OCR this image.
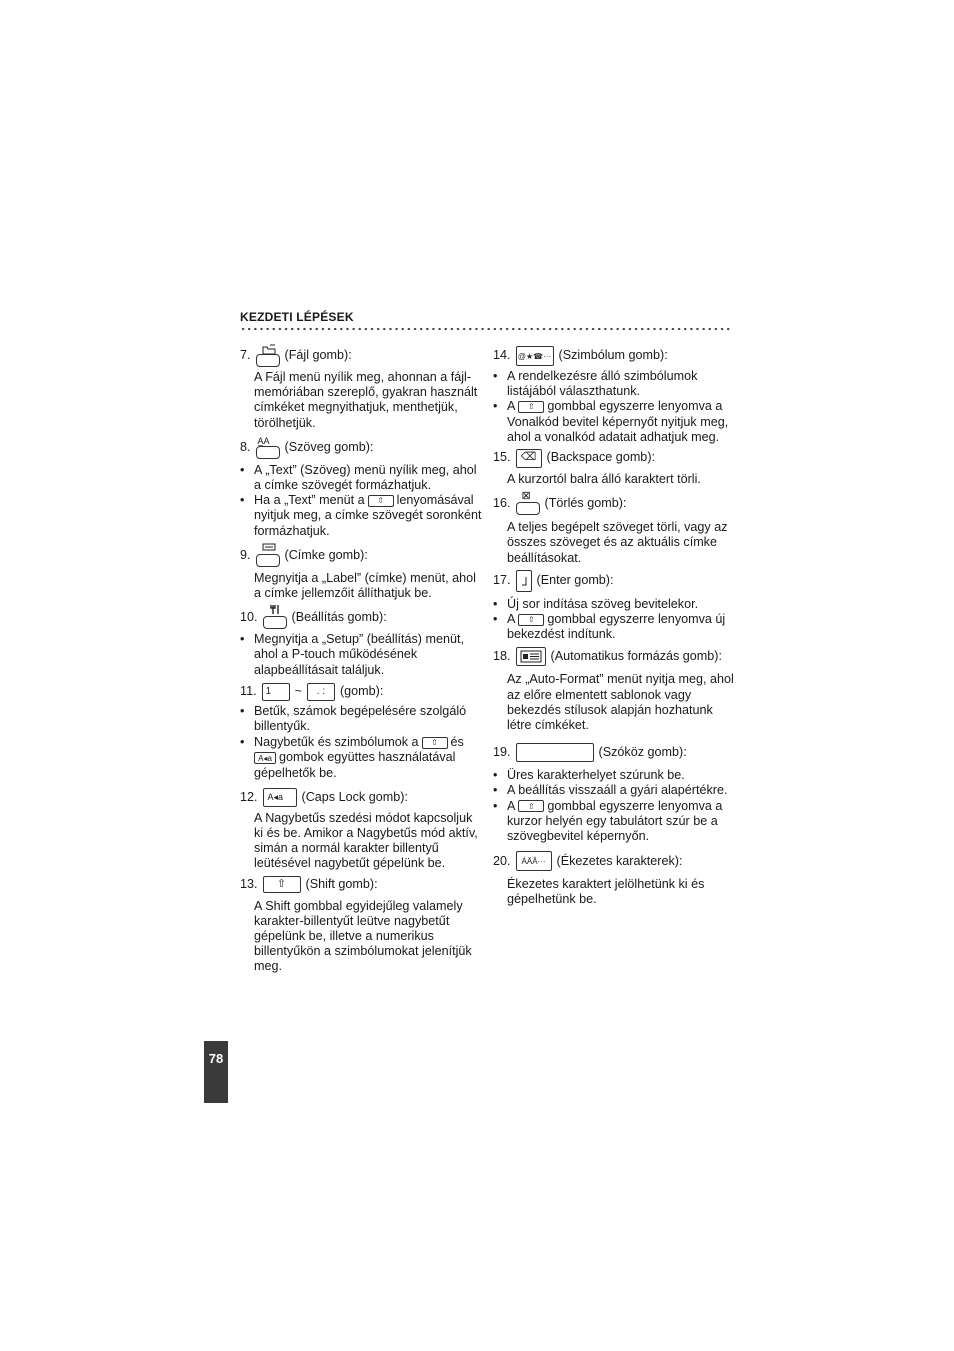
KEZDETI LÉPÉSEK
7.	(Fájl gomb):

A Fájl menü nyílik meg, ahonnan a fájl-memóriában szereplő, gyakran használt címkéket megnyithatjuk, menthetjük, törölhetjük.

8. A̲A (Szöveg gomb):

• A „Text” (Szöveg) menü nyílik meg, ahol a címke szövegét formázhatjuk.

• Ha a „Text” menüt a ⇧ lenyomásával nyitjuk meg, a címke szövegét soronként formázhatjuk.

9.	(Címke gomb):

Megnyitja a „Label” (címke) menüt, ahol a címke jellemzőit állíthatjuk be.

10.	(Beállítás gomb):

• Megnyitja a „Setup” (beállítás) menüt, ahol a P-touch működésének alapbeállításait találjuk.

11. 1	~	. :	(gomb):

• Betűk, számok begépelésére szolgáló billentyűk.

• Nagybetűk és szimbólumok a ⇧ és
A◂a gombok együttes használatával gépelhetők be.

12.	A◂a	(Caps Lock gomb):

A Nagybetűs szedési módot kapcsoljuk ki és be. Amikor a Nagybetűs mód aktív, simán a normál karakter billentyű leütésével nagybetűt gépelünk be.

13.	⇧	(Shift gomb):

A Shift gombbal egyidejűleg valamely karakter-billentyűt leütve nagybetűt gépelünk be, illetve a numerikus billentyűkön a szimbólumokat jelenítjük meg.

14. @★☎··· (Szimbólum gomb):

• A rendelkezésre álló szimbólumok listájából választhatunk.

• A ⇧ gombbal egyszerre lenyomva a Vonalkód bevitel képernyőt nyitjuk meg, ahol a vonalkód adatait adhatjuk meg.

15. ⌫ (Backspace gomb):

A kurzortól balra álló karaktert törli.

16. ⊠ (Törlés gomb):

A teljes begépelt szöveget törli, vagy az összes szöveget és az aktuális címke beállításokat.

17. (Enter gomb):

• Új sor indítása szöveg bevitelekor.

• A ⇧ gombbal egyszerre lenyomva új bekezdést indítunk.

18.	(Automatikus formázás gomb):

Az „Auto-Format” menüt nyitja meg, ahol az előre elmentett sablonok vagy bekezdés stílusok alapján hozhatunk létre címkéket.

19.	(Szóköz gomb):

• Üres karakterhelyet szúrunk be.

• A beállítás visszaáll a gyári alapértékre.

• A ⇧ gombbal egyszerre lenyomva a kurzor helyén egy tabulátort szúr be a szövegbevitel képernyőn.

20.	ÁÄÂ··· (Ékezetes karakterek):

Ékezetes karaktert jelölhetünk ki és gépelhetünk be.

78
